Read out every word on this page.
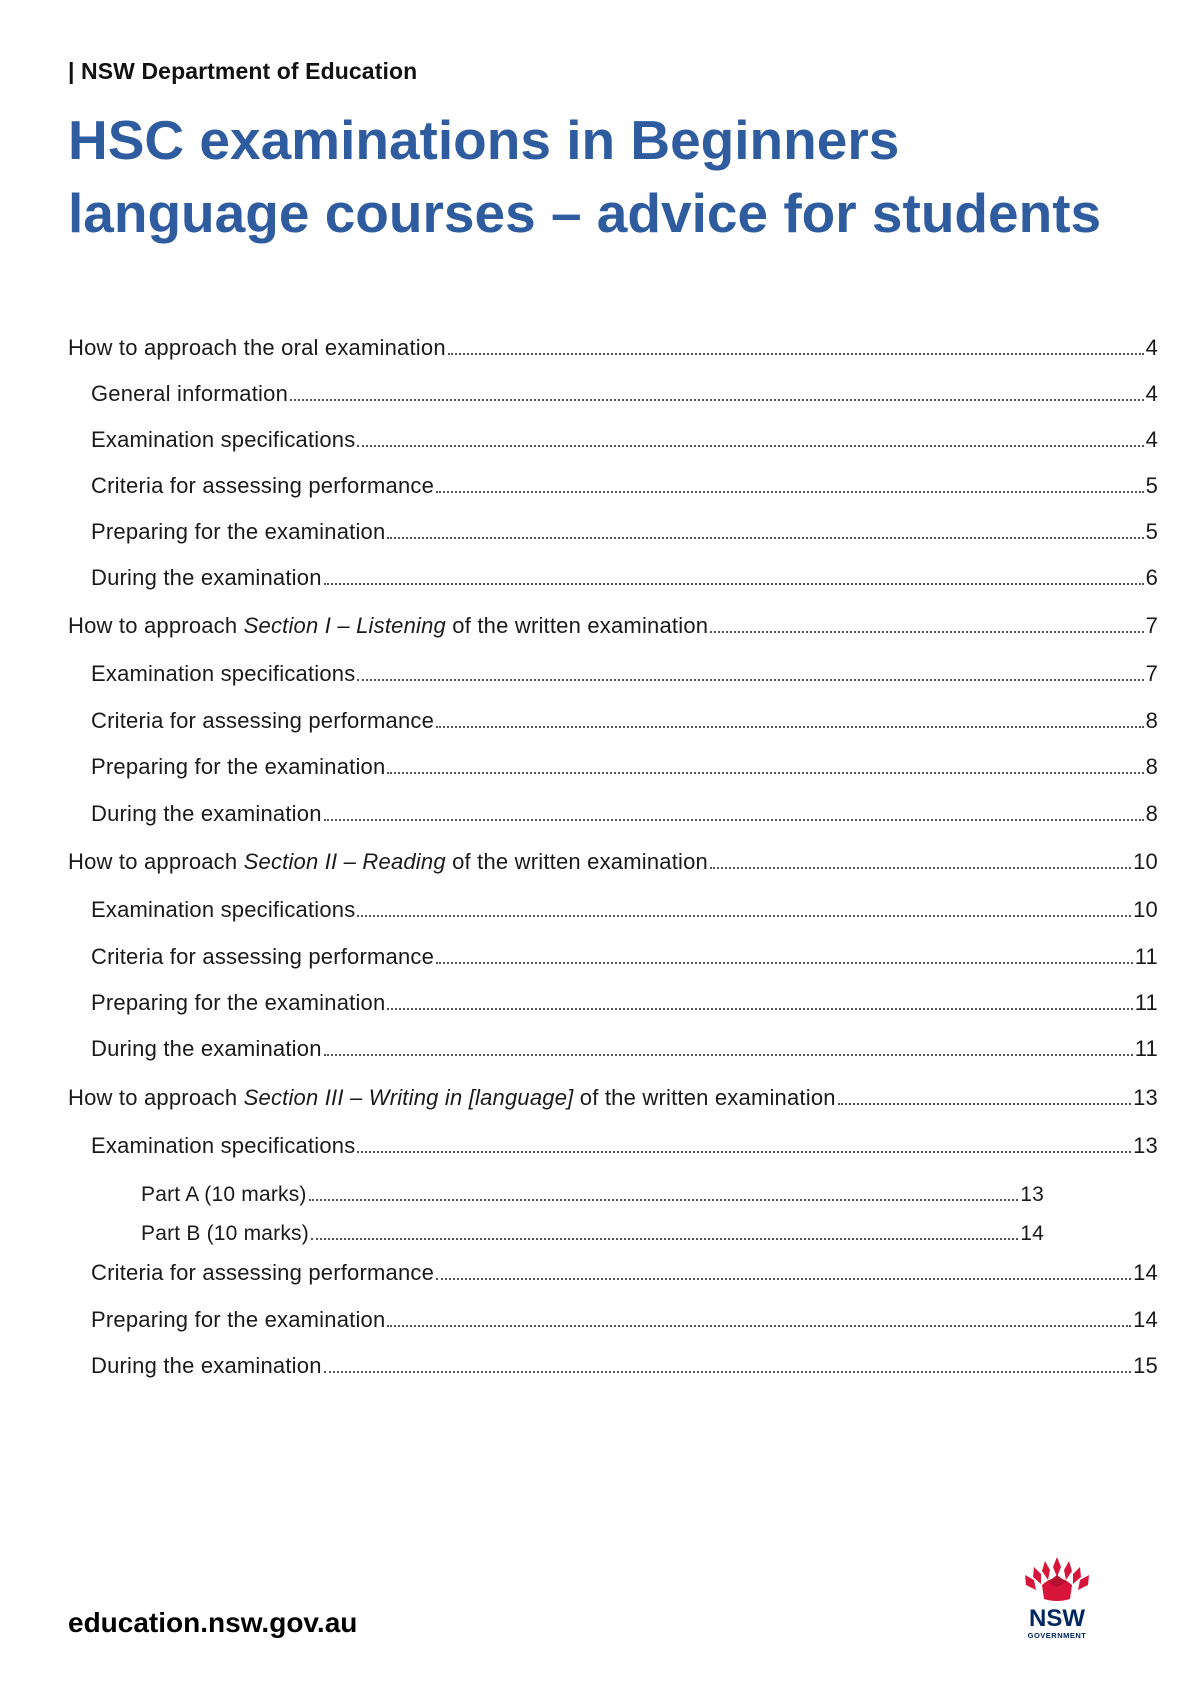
| NSW Department of Education
HSC examinations in Beginners
language courses – advice for students
How to approach the oral examination	4
General information	4
Examination specifications	4
Criteria for assessing performance	5
Preparing for the examination	5
During the examination	6
How to approach Section I – Listening of the written examination	7
Examination specifications	7
Criteria for assessing performance	8
Preparing for the examination	8
During the examination	8
How to approach Section II – Reading of the written examination	10
Examination specifications	10
Criteria for assessing performance	11
Preparing for the examination	11
During the examination	11
How to approach Section III – Writing in [language] of the written examination	13
Examination specifications	13
Part A (10 marks)	13
Part B (10 marks)	14
Criteria for assessing performance	14
Preparing for the examination	14
During the examination	15
education.nsw.gov.au	NSW
GOVERNMENT
